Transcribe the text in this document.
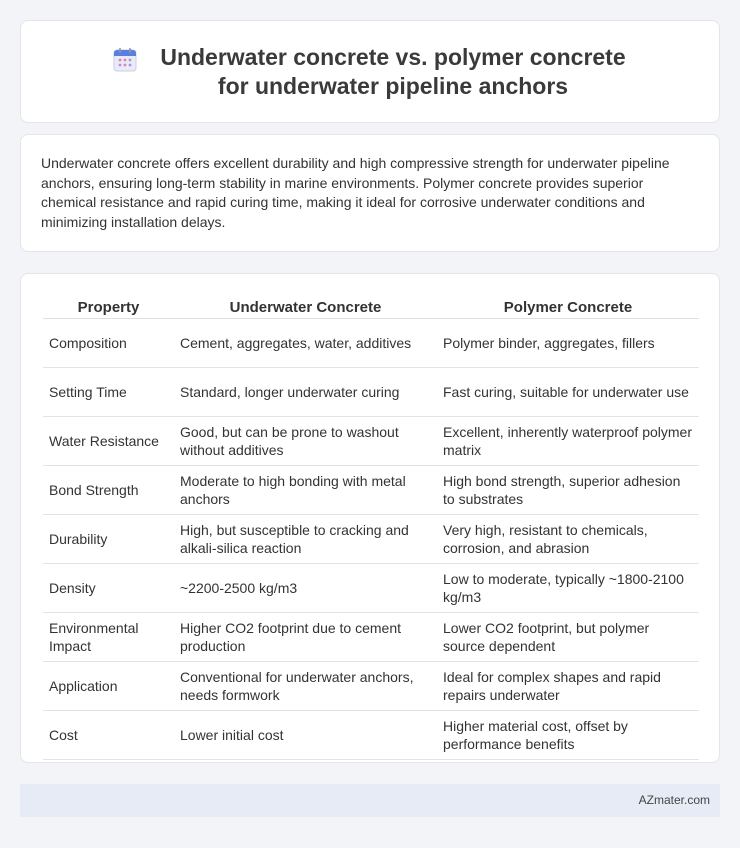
Underwater concrete vs. polymer concrete for underwater pipeline anchors

Underwater concrete offers excellent durability and high compressive strength for underwater pipeline anchors, ensuring long-term stability in marine environments. Polymer concrete provides superior chemical resistance and rapid curing time, making it ideal for corrosive underwater conditions and minimizing installation delays.

Property	Underwater Concrete	Polymer Concrete
Composition	Cement, aggregates, water, additives	Polymer binder, aggregates, fillers
Setting Time	Standard, longer underwater curing	Fast curing, suitable for underwater use
Water Resistance	Good, but can be prone to washout without additives	Excellent, inherently waterproof polymer matrix
Bond Strength	Moderate to high bonding with metal anchors	High bond strength, superior adhesion to substrates
Durability	High, but susceptible to cracking and alkali-silica reaction	Very high, resistant to chemicals, corrosion, and abrasion
Density	~2200-2500 kg/m3	Low to moderate, typically ~1800-2100 kg/m3
Environmental Impact	Higher CO2 footprint due to cement production	Lower CO2 footprint, but polymer source dependent
Application	Conventional for underwater anchors, needs formwork	Ideal for complex shapes and rapid repairs underwater
Cost	Lower initial cost	Higher material cost, offset by performance benefits
AZmater.com
